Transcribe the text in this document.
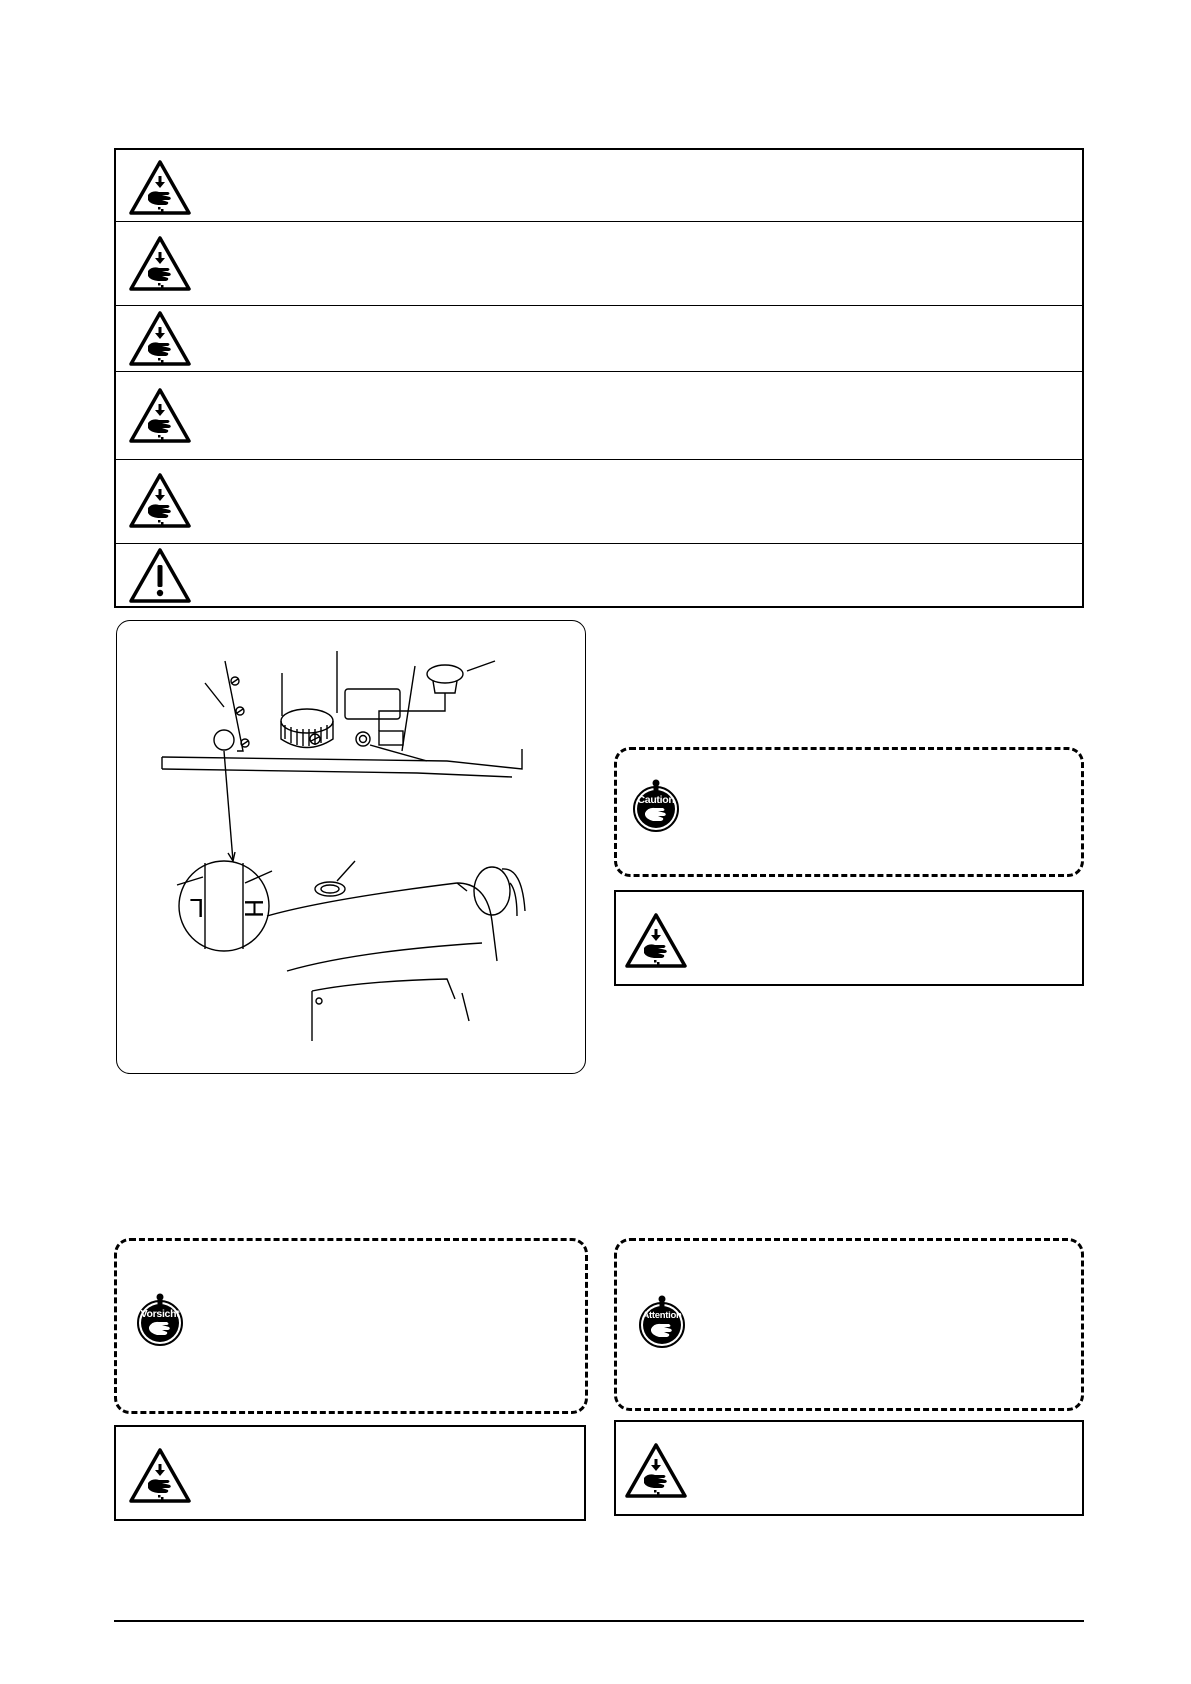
L H
Caution
Vorsicht	Attention
